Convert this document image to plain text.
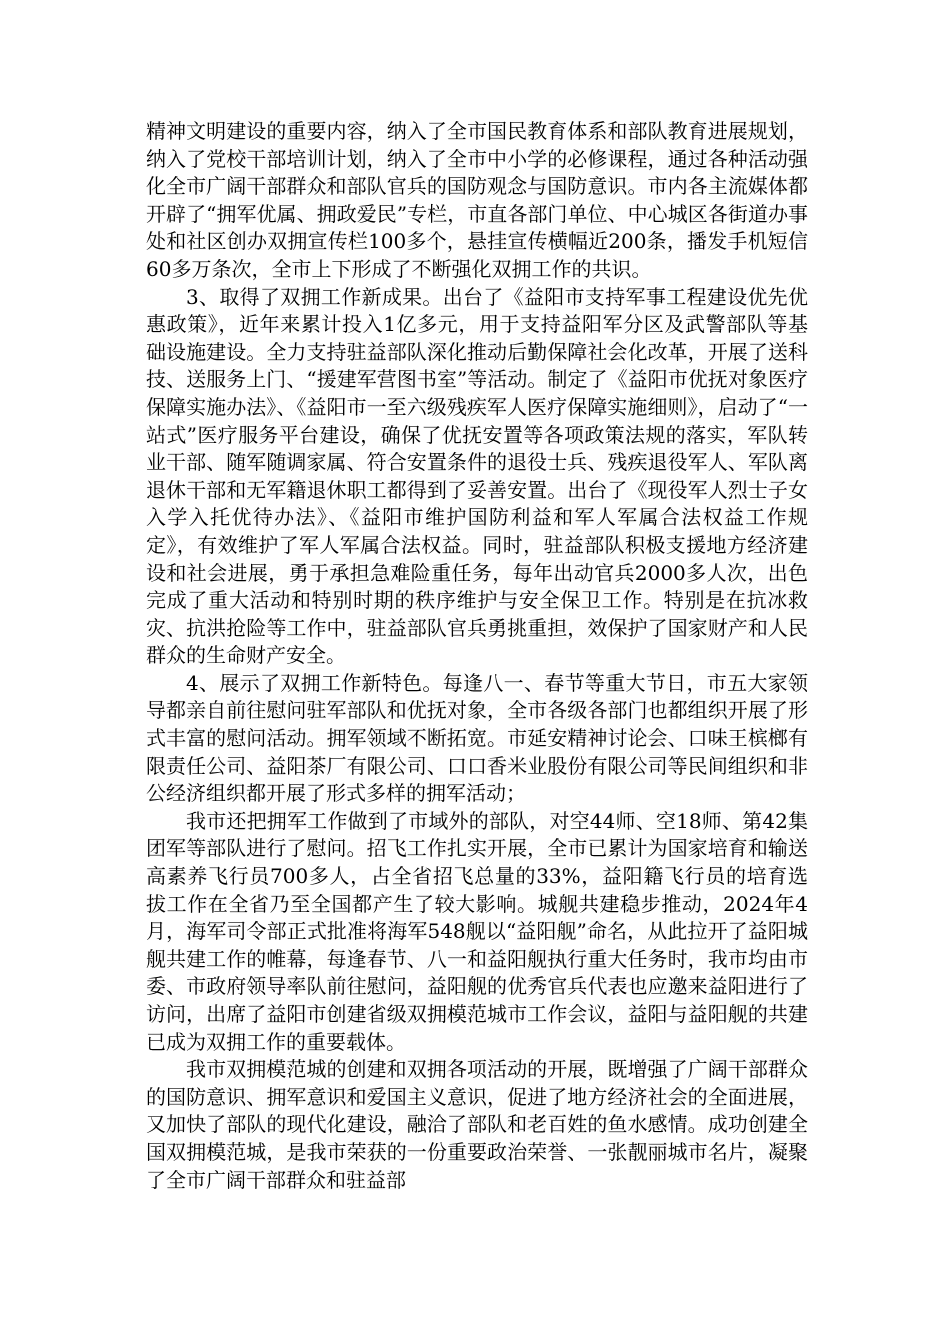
精神文明建设的重要内容，纳入了全市国民教育体系和部队教育进展规划，纳入了党校干部培训计划，纳入了全市中小学的必修课程，通过各种活动强化全市广阔干部群众和部队官兵的国防观念与国防意识。市内各主流媒体都开辟了“拥军优属、拥政爱民”专栏，市直各部门单位、中心城区各街道办事处和社区创办双拥宣传栏100多个，悬挂宣传横幅近200条，播发手机短信60多万条次，全市上下形成了不断强化双拥工作的共识。

3、取得了双拥工作新成果。出台了《益阳市支持军事工程建设优先优惠政策》，近年来累计投入1亿多元，用于支持益阳军分区及武警部队等基础设施建设。全力支持驻益部队深化推动后勤保障社会化改革，开展了送科技、送服务上门、“援建军营图书室”等活动。制定了《益阳市优抚对象医疗保障实施办法》、《益阳市一至六级残疾军人医疗保障实施细则》，启动了“一站式”医疗服务平台建设，确保了优抚安置等各项政策法规的落实，军队转业干部、随军随调家属、符合安置条件的退役士兵、残疾退役军人、军队离退休干部和无军籍退休职工都得到了妥善安置。出台了《现役军人烈士子女入学入托优待办法》、《益阳市维护国防利益和军人军属合法权益工作规定》，有效维护了军人军属合法权益。同时，驻益部队积极支援地方经济建设和社会进展，勇于承担急难险重任务，每年出动官兵2000多人次，出色完成了重大活动和特别时期的秩序维护与安全保卫工作。特别是在抗冰救灾、抗洪抢险等工作中，驻益部队官兵勇挑重担，效保护了国家财产和人民群众的生命财产安全。

4、展示了双拥工作新特色。每逢八一、春节等重大节日，市五大家领导都亲自前往慰问驻军部队和优抚对象，全市各级各部门也都组织开展了形式丰富的慰问活动。拥军领域不断拓宽。市延安精神讨论会、口味王槟榔有限责任公司、益阳茶厂有限公司、口口香米业股份有限公司等民间组织和非公经济组织都开展了形式多样的拥军活动；

我市还把拥军工作做到了市域外的部队，对空44师、空18师、第42集团军等部队进行了慰问。招飞工作扎实开展，全市已累计为国家培育和输送高素养飞行员700多人，占全省招飞总量的33%，益阳籍飞行员的培育选拔工作在全省乃至全国都产生了较大影响。城舰共建稳步推动，2024年4月，海军司令部正式批准将海军548舰以“益阳舰”命名，从此拉开了益阳城舰共建工作的帷幕，每逢春节、八一和益阳舰执行重大任务时，我市均由市委、市政府领导率队前往慰问，益阳舰的优秀官兵代表也应邀来益阳进行了访问，出席了益阳市创建省级双拥模范城市工作会议，益阳与益阳舰的共建已成为双拥工作的重要载体。

我市双拥模范城的创建和双拥各项活动的开展，既增强了广阔干部群众的国防意识、拥军意识和爱国主义意识，促进了地方经济社会的全面进展，又加快了部队的现代化建设，融洽了部队和老百姓的鱼水感情。成功创建全国双拥模范城，是我市荣获的一份重要政治荣誉、一张靓丽城市名片，凝聚了全市广阔干部群众和驻益部
